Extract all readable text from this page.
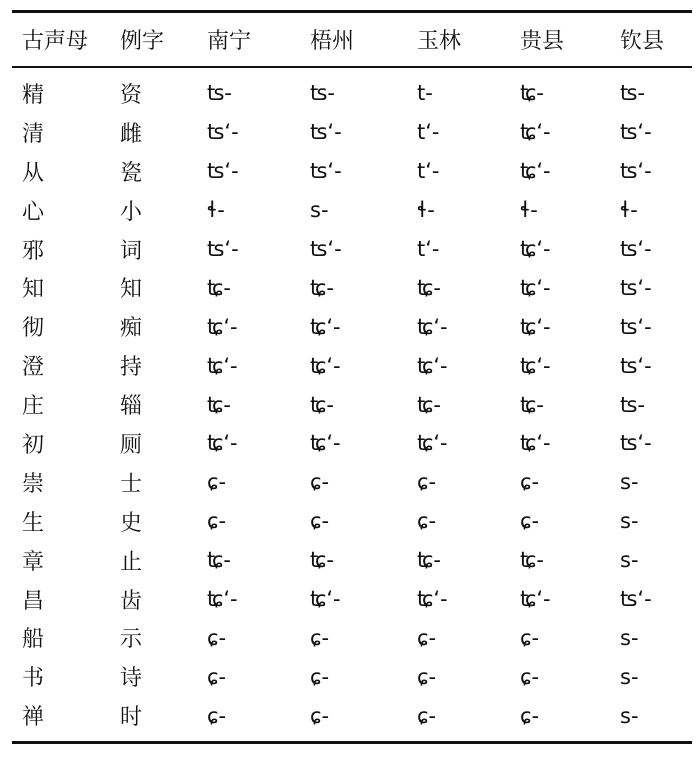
古声母	例字	南宁	梧州	玉林	贵县	钦县
精	资	ʦ-	ʦ-	t-	ʨ-	ʦ-
清	雌	ʦʻ-	ʦʻ-	tʻ-	ʨʻ-	ʦʻ-
从	瓷	ʦʻ-	ʦʻ-	tʻ-	ʨʻ-	ʦʻ-
心	小	ɬ-	s-	ɬ-	ɬ-	ɬ-
邪	词	ʦʻ-	ʦʻ-	tʻ-	ʨʻ-	ʦʻ-
知	知	ʨ-	ʨ-	ʨ-	ʨʻ-	ʦʻ-
彻	痴	ʨʻ-	ʨʻ-	ʨʻ-	ʨʻ-	ʦʻ-
澄	持	ʨʻ-	ʨʻ-	ʨʻ-	ʨʻ-	ʦʻ-
庄	辎	ʨ-	ʨ-	ʨ-	ʨ-	ʦ-
初	厕	ʨʻ-	ʨʻ-	ʨʻ-	ʨʻ-	ʦʻ-
崇	士	ɕ-	ɕ-	ɕ-	ɕ-	s-
生	史	ɕ-	ɕ-	ɕ-	ɕ-	s-
章	止	ʨ-	ʨ-	ʨ-	ʨ-	s-
昌	齿	ʨʻ-	ʨʻ-	ʨʻ-	ʨʻ-	ʦʻ-
船	示	ɕ-	ɕ-	ɕ-	ɕ-	s-
书	诗	ɕ-	ɕ-	ɕ-	ɕ-	s-
禅	时	ɕ-	ɕ-	ɕ-	ɕ-	s-
